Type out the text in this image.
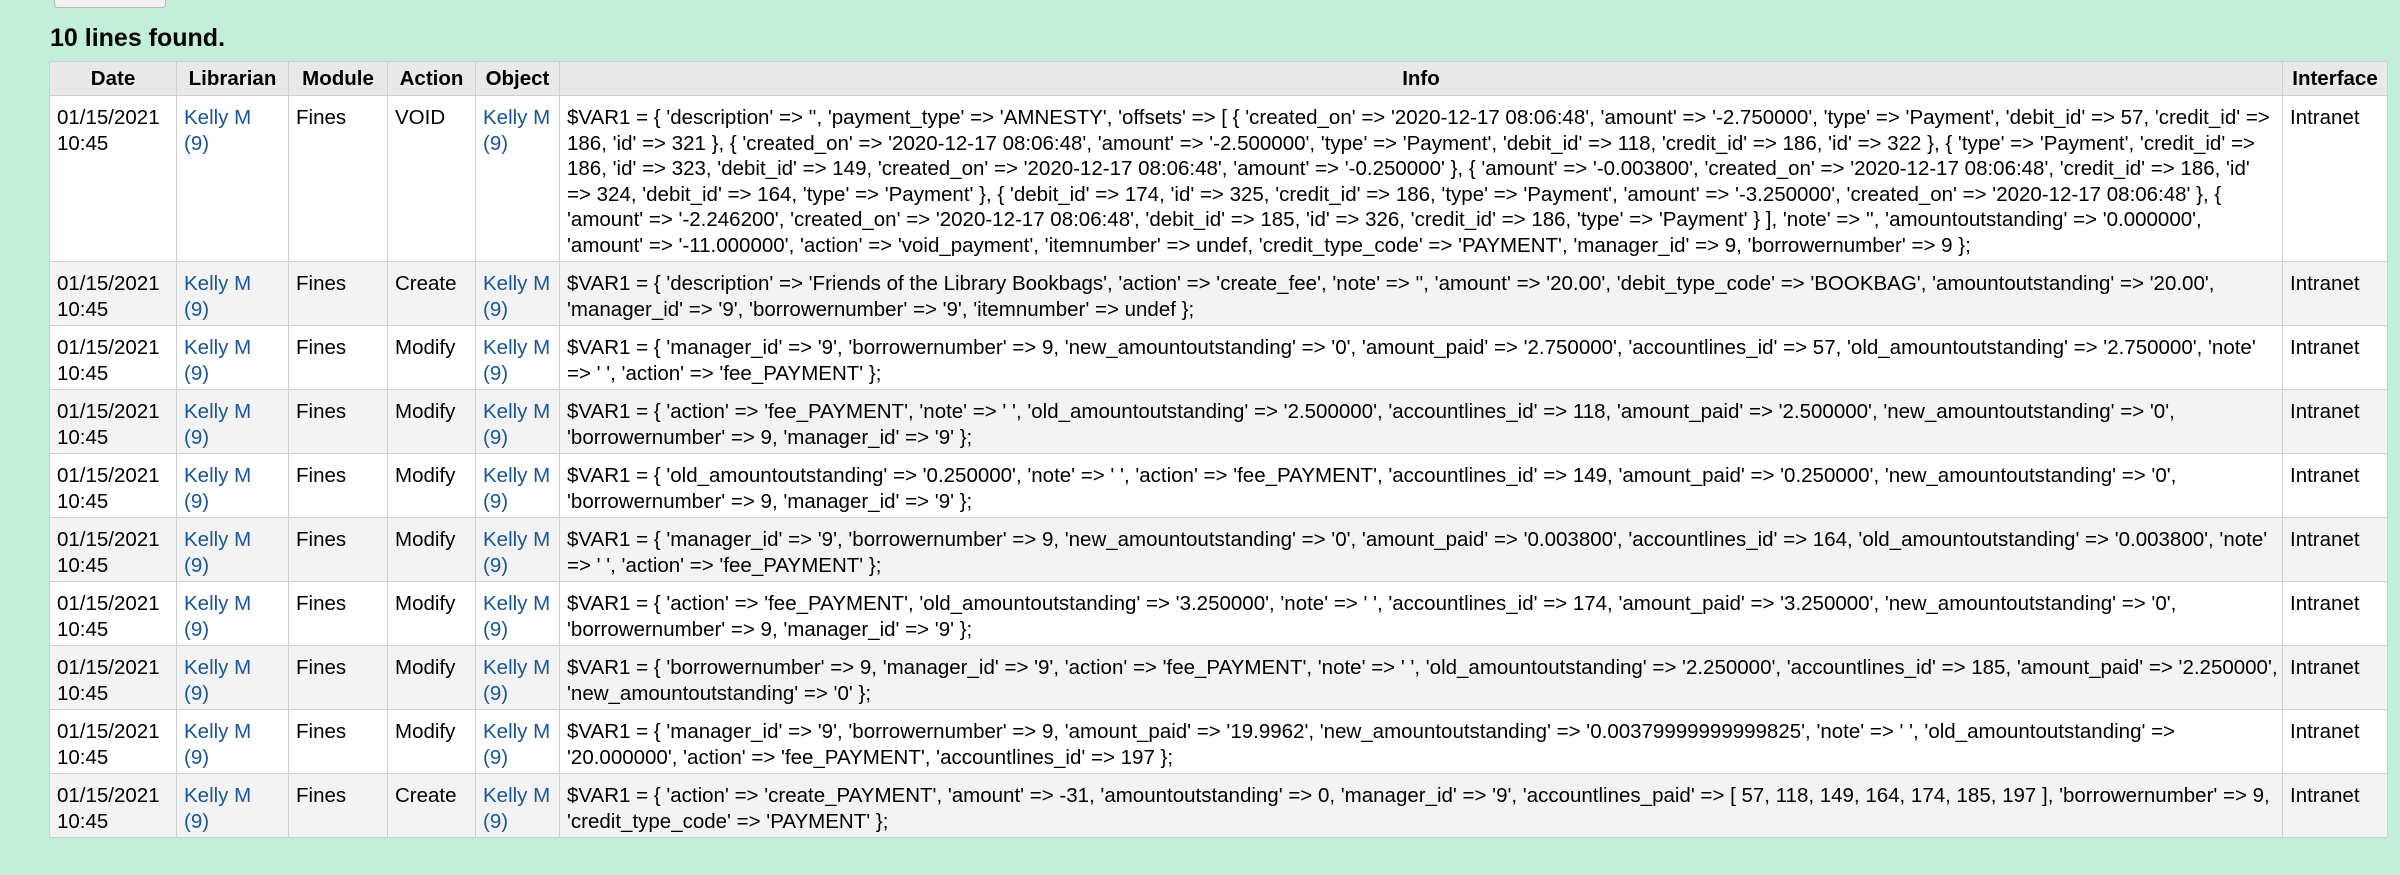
10 lines found.
Date	Librarian	Module	Action	Object	Info	Interface
01/15/2021 10:45	Kelly M (9)	Fines	VOID	Kelly M (9)	$VAR1 = { 'description' => '', 'payment_type' => 'AMNESTY', 'offsets' => [ { 'created_on' => '2020-12-17 08:06:48', 'amount' => '-2.750000', 'type' => 'Payment', 'debit_id' => 57, 'credit_id' => 186, 'id' => 321 }, { 'created_on' => '2020-12-17 08:06:48', 'amount' => '-2.500000', 'type' => 'Payment', 'debit_id' => 118, 'credit_id' => 186, 'id' => 322 }, { 'type' => 'Payment', 'credit_id' => 186, 'id' => 323, 'debit_id' => 149, 'created_on' => '2020-12-17 08:06:48', 'amount' => '-0.250000' }, { 'amount' => '-0.003800', 'created_on' => '2020-12-17 08:06:48', 'credit_id' => 186, 'id' => 324, 'debit_id' => 164, 'type' => 'Payment' }, { 'debit_id' => 174, 'id' => 325, 'credit_id' => 186, 'type' => 'Payment', 'amount' => '-3.250000', 'created_on' => '2020-12-17 08:06:48' }, { 'amount' => '-2.246200', 'created_on' => '2020-12-17 08:06:48', 'debit_id' => 185, 'id' => 326, 'credit_id' => 186, 'type' => 'Payment' } ], 'note' => '', 'amountoutstanding' => '0.000000', 'amount' => '-11.000000', 'action' => 'void_payment', 'itemnumber' => undef, 'credit_type_code' => 'PAYMENT', 'manager_id' => 9, 'borrowernumber' => 9 };	Intranet
01/15/2021 10:45	Kelly M (9)	Fines	Create	Kelly M (9)	$VAR1 = { 'description' => 'Friends of the Library Bookbags', 'action' => 'create_fee', 'note' => '', 'amount' => '20.00', 'debit_type_code' => 'BOOKBAG', 'amountoutstanding' => '20.00', 'manager_id' => '9', 'borrowernumber' => '9', 'itemnumber' => undef };	Intranet
01/15/2021 10:45	Kelly M (9)	Fines	Modify	Kelly M (9)	$VAR1 = { 'manager_id' => '9', 'borrowernumber' => 9, 'new_amountoutstanding' => '0', 'amount_paid' => '2.750000', 'accountlines_id' => 57, 'old_amountoutstanding' => '2.750000', 'note' => ' ', 'action' => 'fee_PAYMENT' };	Intranet
01/15/2021 10:45	Kelly M (9)	Fines	Modify	Kelly M (9)	$VAR1 = { 'action' => 'fee_PAYMENT', 'note' => ' ', 'old_amountoutstanding' => '2.500000', 'accountlines_id' => 118, 'amount_paid' => '2.500000', 'new_amountoutstanding' => '0', 'borrowernumber' => 9, 'manager_id' => '9' };	Intranet
01/15/2021 10:45	Kelly M (9)	Fines	Modify	Kelly M (9)	$VAR1 = { 'old_amountoutstanding' => '0.250000', 'note' => ' ', 'action' => 'fee_PAYMENT', 'accountlines_id' => 149, 'amount_paid' => '0.250000', 'new_amountoutstanding' => '0', 'borrowernumber' => 9, 'manager_id' => '9' };	Intranet
01/15/2021 10:45	Kelly M (9)	Fines	Modify	Kelly M (9)	$VAR1 = { 'manager_id' => '9', 'borrowernumber' => 9, 'new_amountoutstanding' => '0', 'amount_paid' => '0.003800', 'accountlines_id' => 164, 'old_amountoutstanding' => '0.003800', 'note' => ' ', 'action' => 'fee_PAYMENT' };	Intranet
01/15/2021 10:45	Kelly M (9)	Fines	Modify	Kelly M (9)	$VAR1 = { 'action' => 'fee_PAYMENT', 'old_amountoutstanding' => '3.250000', 'note' => ' ', 'accountlines_id' => 174, 'amount_paid' => '3.250000', 'new_amountoutstanding' => '0', 'borrowernumber' => 9, 'manager_id' => '9' };	Intranet
01/15/2021 10:45	Kelly M (9)	Fines	Modify	Kelly M (9)	$VAR1 = { 'borrowernumber' => 9, 'manager_id' => '9', 'action' => 'fee_PAYMENT', 'note' => ' ', 'old_amountoutstanding' => '2.250000', 'accountlines_id' => 185, 'amount_paid' => '2.250000', 'new_amountoutstanding' => '0' };	Intranet
01/15/2021 10:45	Kelly M (9)	Fines	Modify	Kelly M (9)	$VAR1 = { 'manager_id' => '9', 'borrowernumber' => 9, 'amount_paid' => '19.9962', 'new_amountoutstanding' => '0.00379999999999825', 'note' => ' ', 'old_amountoutstanding' => '20.000000', 'action' => 'fee_PAYMENT', 'accountlines_id' => 197 };	Intranet
01/15/2021 10:45	Kelly M (9)	Fines	Create	Kelly M (9)	$VAR1 = { 'action' => 'create_PAYMENT', 'amount' => -31, 'amountoutstanding' => 0, 'manager_id' => '9', 'accountlines_paid' => [ 57, 118, 149, 164, 174, 185, 197 ], 'borrowernumber' => 9, 'credit_type_code' => 'PAYMENT' };	Intranet
